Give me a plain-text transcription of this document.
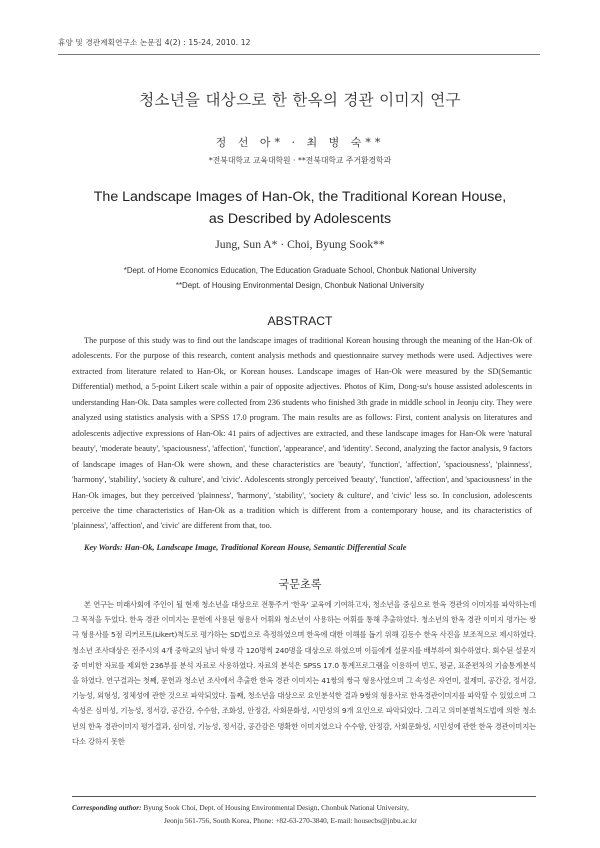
휴양 및 경관계획연구소 논문집 4(2) : 15-24, 2010. 12
청소년을 대상으로 한 한옥의 경관 이미지 연구
정 선 아* · 최 병 숙**
*전북대학교 교육대학원 · **전북대학교 주거환경학과
The Landscape Images of Han-Ok, the Traditional Korean House,
as Described by Adolescents
Jung, Sun A* · Choi, Byung Sook**
*Dept. of Home Economics Education, The Education Graduate School, Chonbuk National University
**Dept. of Housing Environmental Design, Chonbuk National University
ABSTRACT

The purpose of this study was to find out the landscape images of traditional Korean housing through the meaning of the Han-Ok of adolescents. For the purpose of this research, content analysis methods and questionnaire survey methods were used. Adjectives were extracted from literature related to Han-Ok, or Korean houses. Landscape images of Han-Ok were measured by the SD(Semantic Differential) method, a 5-point Likert scale within a pair of opposite adjectives. Photos of Kim, Dong-su's house assisted adolescents in understanding Han-Ok. Data samples were collected from 236 students who finished 3th grade in middle school in Jeonju city. They were analyzed using statistics analysis with a SPSS 17.0 program. The main results are as follows: First, content analysis on literatures and adolescents adjective expressions of Han-Ok: 41 pairs of adjectives are extracted, and these landscape images for Han-Ok were 'natural beauty', 'moderate beauty', 'spaciousness', 'affection', 'function', 'appearance', and 'identity'. Second, analyzing the factor analysis, 9 factors of landscape images of Han-Ok were shown, and these characteristics are 'beauty', 'function', 'affection', 'spaciousness', 'plainness', 'harmony', 'stability', 'society & culture', and 'civic'. Adolescents strongly perceived 'beauty', 'function', 'affection', and 'spaciousness' in the Han-Ok images, but they perceived 'plainness', 'harmony', 'stability', 'society & culture', and 'civic' less so. In conclusion, adolescents perceive the time characteristics of Han-Ok as a tradition which is different from a contemporary house, and its characteristics of 'plainness', 'affection', and 'civic' are different from that, too.

Key Words: Han-Ok, Landscape Image, Traditional Korean House, Semantic Differential Scale
국문초록

본 연구는 미래사회에 주인이 될 현재 청소년을 대상으로 전통주거 '한옥' 교육에 기여하고자, 청소년을 중심으로 한옥 경관의 이미지를 파악하는데 그 목적을 두었다. 한옥 경관 이미지는 문헌에 사용된 형용사 어휘와 청소년이 사용하는 어휘를 통해 추출하였다. 청소년의 한옥 경관 이미지 평가는 쌍극 형용사를 5점 리커르트(Likert)척도로 평가하는 SD법으로 측정하였으며 한옥에 대한 이해를 돕기 위해 김동수 한옥 사진을 보조적으로 제시하였다. 청소년 조사대상은 전주시의 4개 중학교의 남녀 학생 각 120명씩 240명을 대상으로 하였으며 이들에게 설문지를 배부하여 회수하였다. 회수된 설문지 중 미비한 자료를 제외한 236부를 분석 자료로 사용하였다. 자료의 분석은 SPSS 17.0 통계프로그램을 이용하여 빈도, 평균, 표준편차의 기술통계분석을 하였다. 연구결과는 첫째, 문헌과 청소년 조사에서 추출한 한옥 경관 이미지는 41쌍의 쌍극 형용사였으며 그 속성은 자연미, 절제미, 공간감, 정서감, 기능성, 외형성, 정체성에 관한 것으로 파악되었다. 둘째, 청소년을 대상으로 요인분석한 결과 9쌍의 형용사로 한옥경관이미지를 파악할 수 있었으며 그 속성은 심미성, 기능성, 정서감, 공간감, 수수함, 조화성, 안정감, 사회문화성, 시민성의 9개 요인으로 파악되었다. 그리고 의미분별척도법에 의한 청소년의 한옥 경관이미지 평가결과, 심미성, 기능성, 정서감, 공간감은 명확한 이미지였으나 수수함, 안정감, 사회문화성, 시민성에 관한 한옥 경관이미지는 다소 강하지 못한

Corresponding author: Byung Sook Choi, Dept. of Housing Environmental Design, Chonbuk National University,
Jeonju 561-756, South Korea, Phone: +82-63-270-3840, E-mail: housecbs@jnbu.ac.kr
